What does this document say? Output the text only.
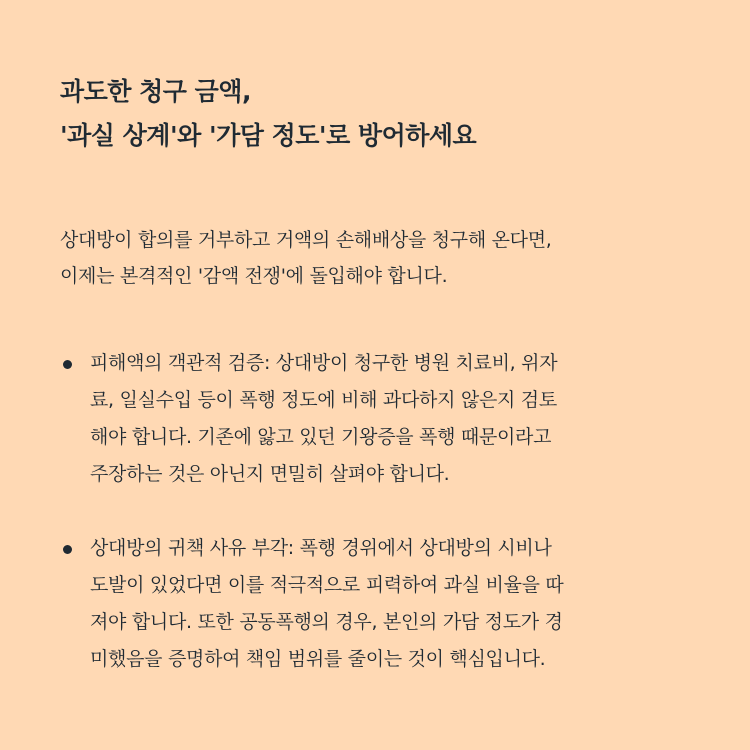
과도한 청구 금액,
'과실 상계'와 '가담 정도'로 방어하세요
상대방이 합의를 거부하고 거액의 손해배상을 청구해 온다면,
이제는 본격적인 '감액 전쟁'에 돌입해야 합니다.
피해액의 객관적 검증: 상대방이 청구한 병원 치료비, 위자
료, 일실수입 등이 폭행 정도에 비해 과다하지 않은지 검토
해야 합니다. 기존에 앓고 있던 기왕증을 폭행 때문이라고
주장하는 것은 아닌지 면밀히 살펴야 합니다.
상대방의 귀책 사유 부각: 폭행 경위에서 상대방의 시비나
도발이 있었다면 이를 적극적으로 피력하여 과실 비율을 따
져야 합니다. 또한 공동폭행의 경우, 본인의 가담 정도가 경
미했음을 증명하여 책임 범위를 줄이는 것이 핵심입니다.
